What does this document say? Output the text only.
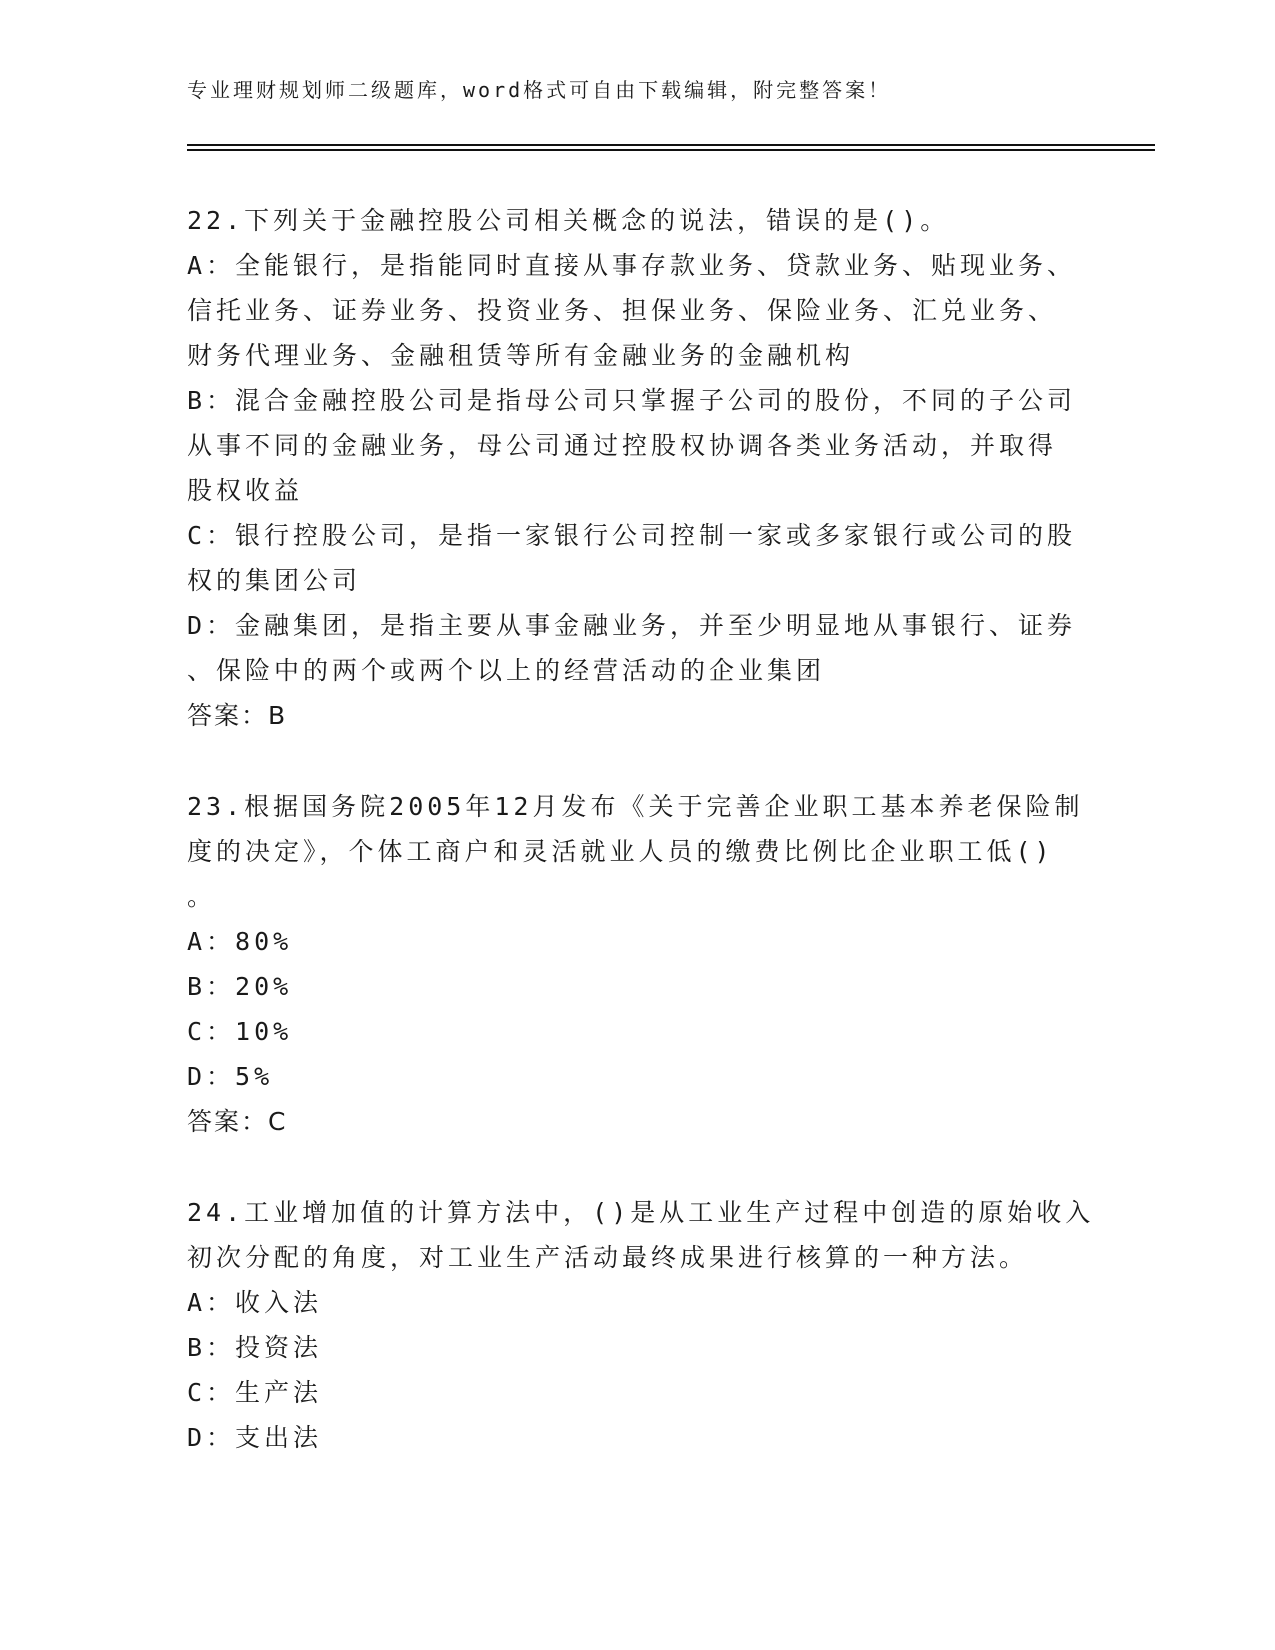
专业理财规划师二级题库，word格式可自由下载编辑，附完整答案！
22.下列关于金融控股公司相关概念的说法，错误的是()。
A：全能银行，是指能同时直接从事存款业务、贷款业务、贴现业务、
信托业务、证券业务、投资业务、担保业务、保险业务、汇兑业务、
财务代理业务、金融租赁等所有金融业务的金融机构
B：混合金融控股公司是指母公司只掌握子公司的股份，不同的子公司
从事不同的金融业务，母公司通过控股权协调各类业务活动，并取得
股权收益
C：银行控股公司，是指一家银行公司控制一家或多家银行或公司的股
权的集团公司
D：金融集团，是指主要从事金融业务，并至少明显地从事银行、证券
、保险中的两个或两个以上的经营活动的企业集团
答案：B
23.根据国务院2005年12月发布《关于完善企业职工基本养老保险制
度的决定》，个体工商户和灵活就业人员的缴费比例比企业职工低()
。
A：80%
B：20%
C：10%
D：5%
答案：C
24.工业增加值的计算方法中，()是从工业生产过程中创造的原始收入
初次分配的角度，对工业生产活动最终成果进行核算的一种方法。
A：收入法
B：投资法
C：生产法
D：支出法
